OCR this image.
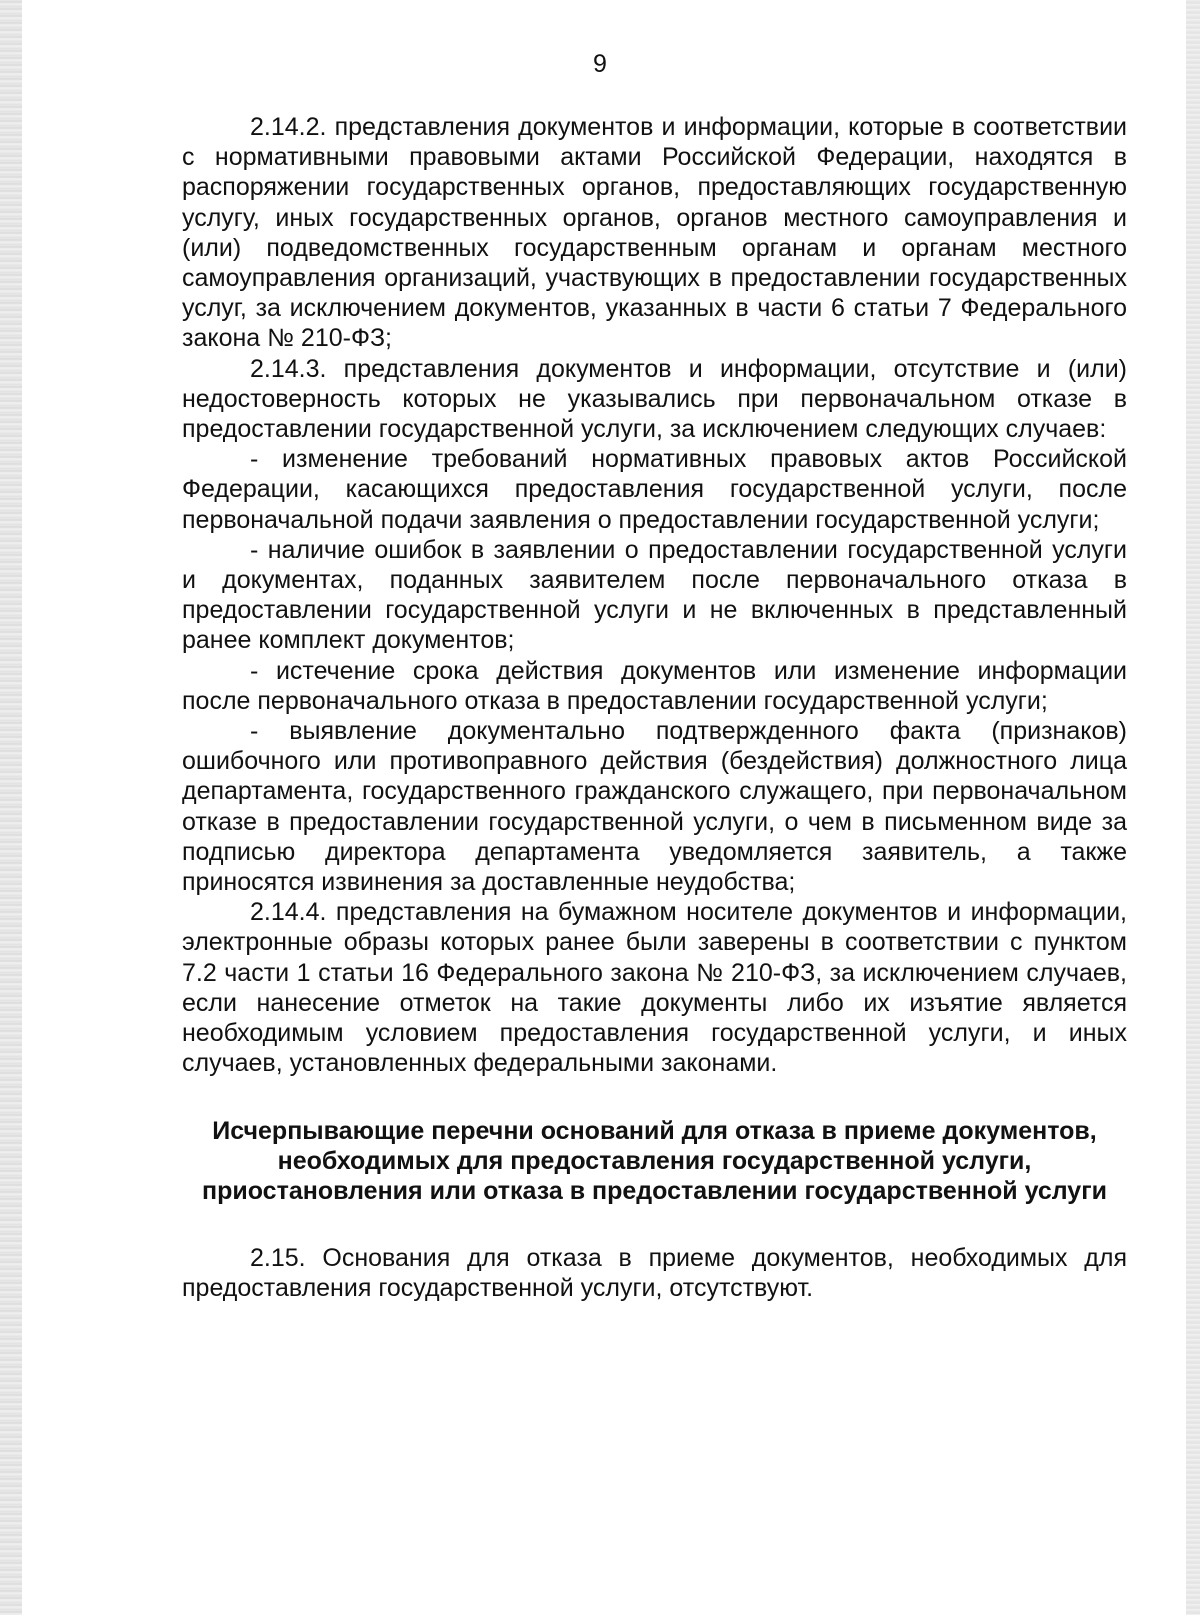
9

2.14.2. представления документов и информации, которые в соответствии с нормативными правовыми актами Российской Федерации, находятся в распоряжении государственных органов, предоставляющих государственную услугу, иных государственных органов, органов местного самоуправления и (или) подведомственных государственным органам и органам местного самоуправления организаций, участвующих в предоставлении государственных услуг, за исключением документов, указанных в части 6 статьи 7 Федерального закона № 210-ФЗ;

2.14.3. представления документов и информации, отсутствие и (или) недостоверность которых не указывались при первоначальном отказе в предоставлении государственной услуги, за исключением следующих случаев:

- изменение требований нормативных правовых актов Российской Федерации, касающихся предоставления государственной услуги, после первоначальной подачи заявления о предоставлении государственной услуги;

- наличие ошибок в заявлении о предоставлении государственной услуги и документах, поданных заявителем после первоначального отказа в предоставлении государственной услуги и не включенных в представленный ранее комплект документов;

- истечение срока действия документов или изменение информации после первоначального отказа в предоставлении государственной услуги;

- выявление документально подтвержденного факта (признаков) ошибочного или противоправного действия (бездействия) должностного лица департамента, государственного гражданского служащего, при первоначальном отказе в предоставлении государственной услуги, о чем в письменном виде за подписью директора департамента уведомляется заявитель, а также приносятся извинения за доставленные неудобства;

2.14.4. представления на бумажном носителе документов и информации, электронные образы которых ранее были заверены в соответствии с пунктом 7.2 части 1 статьи 16 Федерального закона № 210-ФЗ, за исключением случаев, если нанесение отметок на такие документы либо их изъятие является необходимым условием предоставления государственной услуги, и иных случаев, установленных федеральными законами.

Исчерпывающие перечни оснований для отказа в приеме документов, необходимых для предоставления государственной услуги, приостановления или отказа в предоставлении государственной услуги

2.15. Основания для отказа в приеме документов, необходимых для предоставления государственной услуги, отсутствуют.
